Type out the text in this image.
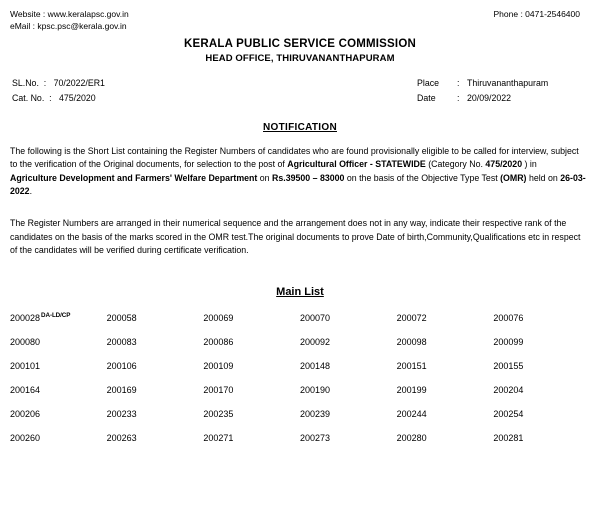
Website : www.keralapsc.gov.in
eMail : kpsc.psc@kerala.gov.in
Phone : 0471-2546400
KERALA PUBLIC SERVICE COMMISSION
HEAD OFFICE, THIRUVANANTHAPURAM
SL.No.  :   70/2022/ER1	Place	: Thiruvananthapuram
Cat. No.  :   475/2020	Date	: 20/09/2022
NOTIFICATION
The following is the Short List containing the Register Numbers of candidates who are found provisionally eligible to be called for interview, subject to the verification of the Original documents, for selection to the post of Agricultural Officer - STATEWIDE (Category No. 475/2020 ) in Agriculture Development and Farmers' Welfare Department on Rs.39500 – 83000 on the basis of the Objective Type Test (OMR) held on 26-03-2022.
The Register Numbers are arranged in their numerical sequence and the arrangement does not in any way, indicate their respective rank of the candidates on the basis of the marks scored in the OMR test.The original documents to prove Date of birth,Community,Qualifications etc in respect of the candidates will be verified during certificate verification.
Main List
$200028^{DA-LD/CP}$	200058	200069	200070	200072	200076
200080	200083	200086	200092	200098	200099
200101	200106	200109	200148	200151	200155
200164	200169	200170	200190	200199	200204
200206	200233	200235	200239	200244	200254
200260	200263	200271	200273	200280	200281
